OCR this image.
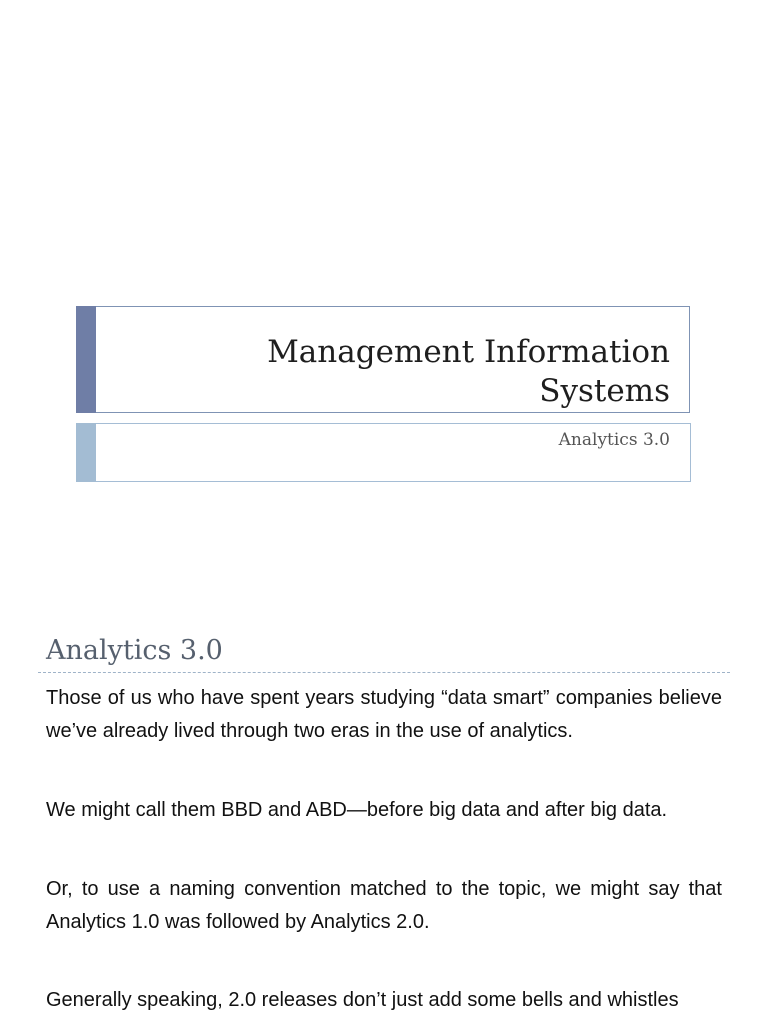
Management Information Systems
Analytics 3.0
Analytics 3.0
Those of us who have spent years studying “data smart” companies believe we’ve already lived through two eras in the use of analytics.
We might call them BBD and ABD—before big data and after big data.
Or, to use a naming convention matched to the topic, we might say that Analytics 1.0 was followed by Analytics 2.0.
Generally speaking, 2.0 releases don’t just add some bells and whistles
